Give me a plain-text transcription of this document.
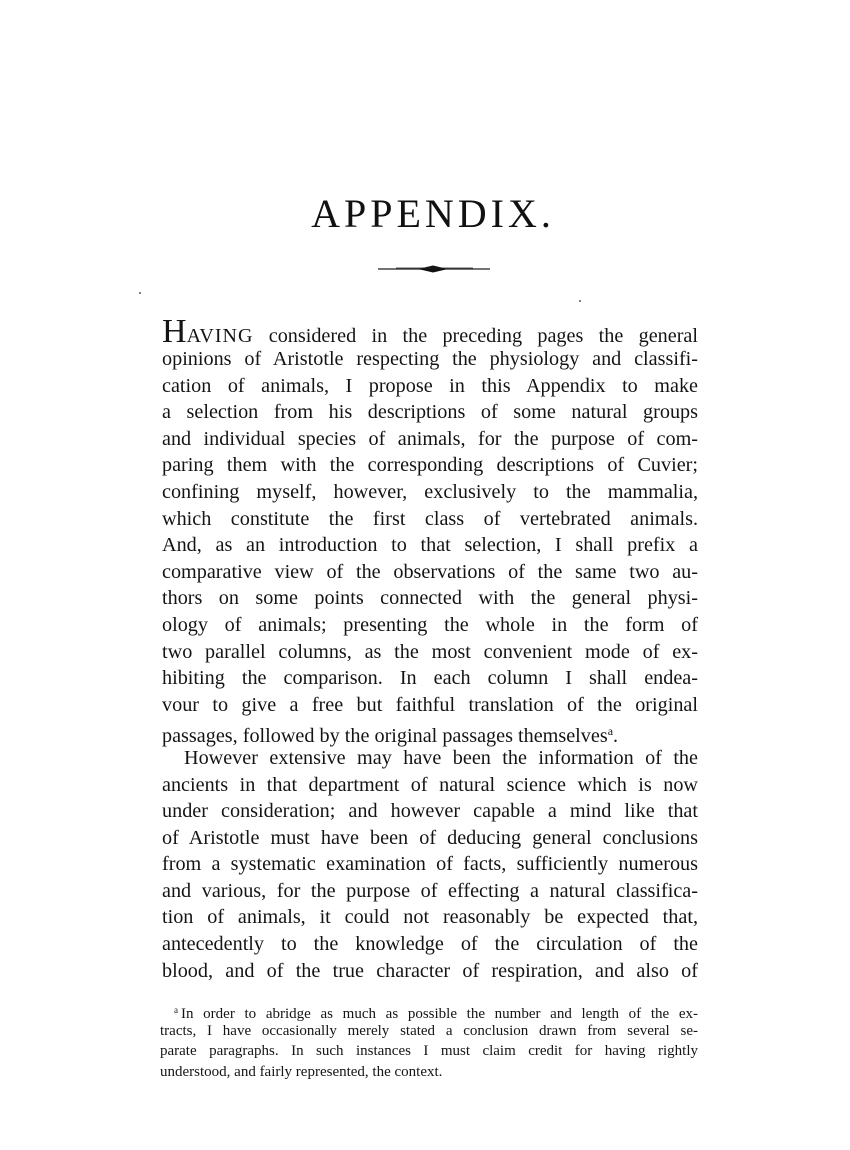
APPENDIX.
HAVING considered in the preceding pages the general
opinions of Aristotle respecting the physiology and classifi-
cation of animals, I propose in this Appendix to make
a selection from his descriptions of some natural groups
and individual species of animals, for the purpose of com-
paring them with the corresponding descriptions of Cuvier;
confining myself, however, exclusively to the mammalia,
which constitute the first class of vertebrated animals.
And, as an introduction to that selection, I shall prefix a
comparative view of the observations of the same two au-
thors on some points connected with the general physi-
ology of animals; presenting the whole in the form of
two parallel columns, as the most convenient mode of ex-
hibiting the comparison. In each column I shall endea-
vour to give a free but faithful translation of the original
passages, followed by the original passages themselves$^a$.
However extensive may have been the information of the
ancients in that department of natural science which is now
under consideration; and however capable a mind like that
of Aristotle must have been of deducing general conclusions
from a systematic examination of facts, sufficiently numerous
and various, for the purpose of effecting a natural classifica-
tion of animals, it could not reasonably be expected that,
antecedently to the knowledge of the circulation of the
blood, and of the true character of respiration, and also of
$^a$ In order to abridge as much as possible the number and length of the ex-
tracts, I have occasionally merely stated a conclusion drawn from several se-
parate paragraphs. In such instances I must claim credit for having rightly
understood, and fairly represented, the context.
